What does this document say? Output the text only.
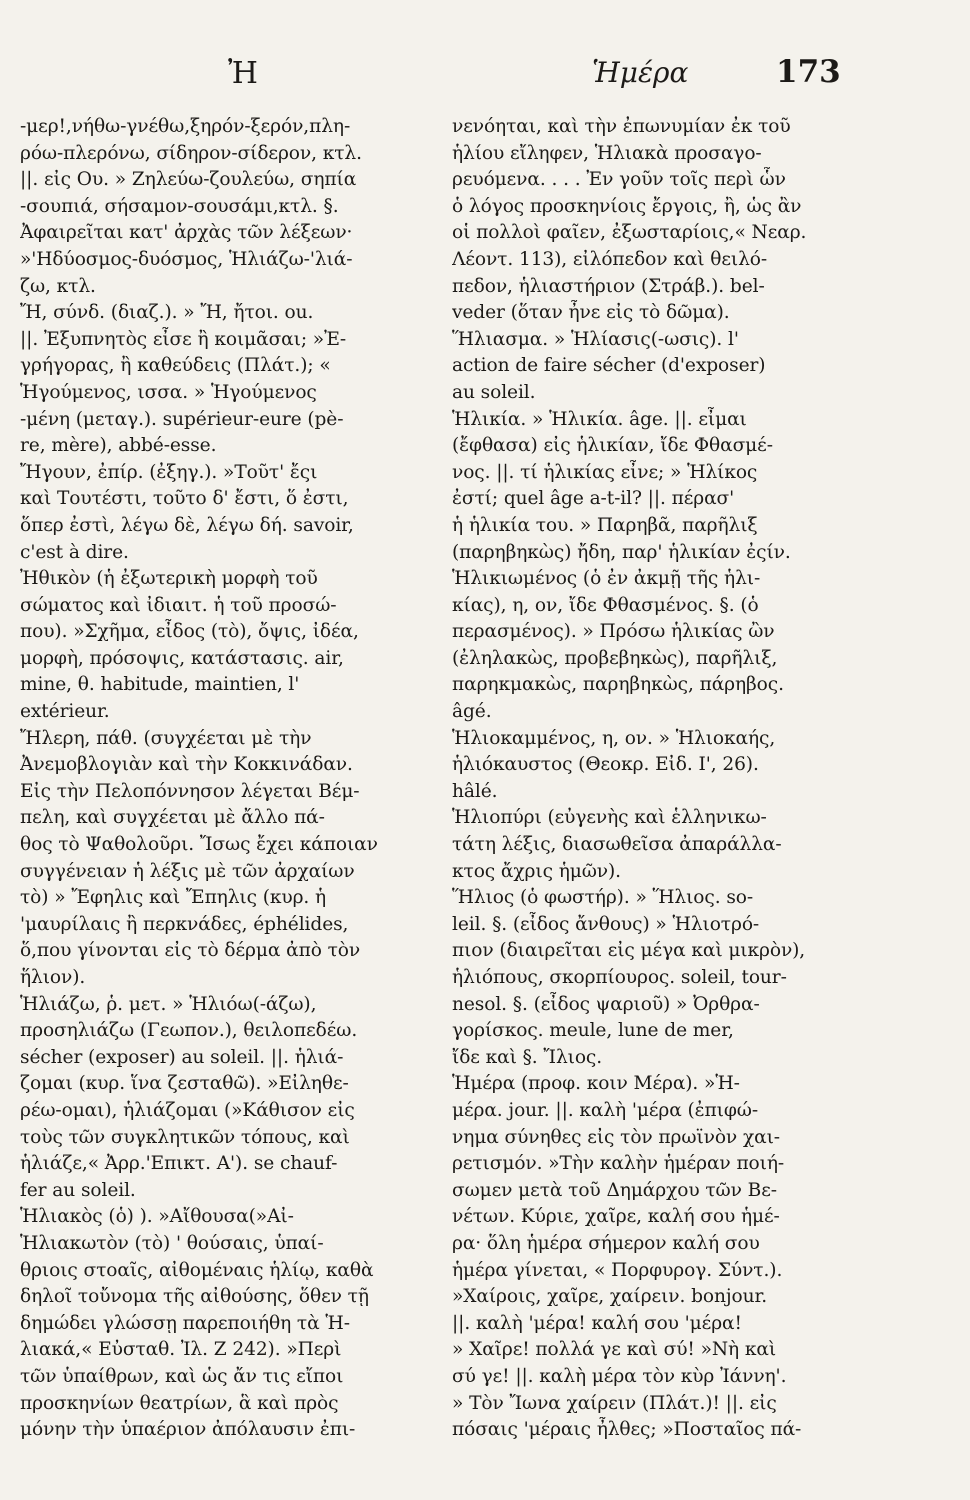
Ἠ	Ἡμέρα	173
-μερ!,νήθω-γνέθω,ξηρόν-ξερόν,πλη-
ρόω-πλερόνω, σίδηρον-σίδερον, κτλ.
||. εἰς Ου. » Ζηλεύω-ζουλεύω, σηπία
-σουπιά, σήσαμον-σουσάμι,κτλ. §.
Ἀφαιρεῖται κατ' ἀρχὰς τῶν λέξεων·
»'Ηδύοσμος-δυόσμος, Ἡλιάζω-'λιά-
ζω, κτλ.
Ἤ, σύνδ. (διαζ.). » Ἤ, ἤτοι. ou.
||. Ἐξυπνητὸς εἶσε ἢ κοιμᾶσαι; »Ἐ-
γρήγορας, ἢ καθεύδεις (Πλάτ.); «
Ἡγούμενος, ισσα. » Ἡγούμενος
-μένη (μεταγ.). supérieur-eure (pè-
re, mère), abbé-esse.
Ἤγουν, ἐπίρ. (ἐξηγ.). »Τοῦτ' ἔςι
καὶ Τουτέστι, τοῦτο δ' ἔστι, ὅ ἐστι,
ὅπερ ἐστὶ, λέγω δὲ, λέγω δή. savoir,
c'est à dire.
Ἠθικὸν (ἡ ἐξωτερικὴ μορφὴ τοῦ
σώματος καὶ ἰδιαιτ. ἡ τοῦ προσώ-
που). »Σχῆμα, εἶδος (τὸ), ὄψις, ἰδέα,
μορφὴ, πρόσοψις, κατάστασις. air,
mine, θ. habitude, maintien, l'
extérieur.
Ἤλερη, πάθ. (συγχέεται μὲ τὴν
Ἀνεμοβλογιὰν καὶ τὴν Κοκκινάδαν.
Εἰς τὴν Πελοπόννησον λέγεται Βέμ-
πελη, καὶ συγχέεται μὲ ἄλλο πά-
θος τὸ Ψαθολοῦρι. Ἴσως ἔχει κάποιαν
συγγένειαν ἡ λέξις μὲ τῶν ἀρχαίων
τὸ) » Ἔφηλις καὶ Ἔπηλις (κυρ. ἡ
'μαυρίλαις ἢ περκνάδες, éphélides,
ὅ,που γίνονται εἰς τὸ δέρμα ἀπὸ τὸν
ἥλιον).
Ἡλιάζω, ῥ. μετ. » Ἡλιόω(-άζω),
προσηλιάζω (Γεωπον.), θειλοπεδέω.
sécher (exposer) au soleil. ||. ἡλιά-
ζομαι (κυρ. ἵνα ζεσταθῶ). »Εἰληθε-
ρέω-ομαι), ἡλιάζομαι (»Κάθισον εἰς
τοὺς τῶν συγκλητικῶν τόπους, καὶ
ἡλιάζε,« Ἀρρ.'Επικτ. Α'). se chauf-
fer au soleil.
Ἡλιακὸς (ὁ) ). »Αἴθουσα(»Αἰ-
Ἡλιακωτὸν (τὸ) ' θούσαις, ὑπαί-
θριοις στοαῖς, αἰθομέναις ἡλίῳ, καθὰ
δηλοῖ τοὔνομα τῆς αἰθούσης, ὅθεν τῇ
δημώδει γλώσσῃ παρεποιήθη τὰ Ἡ-
λιακά,« Εὐσταθ. Ἰλ. Ζ 242). »Περὶ
τῶν ὑπαίθρων, καὶ ὡς ἄν τις εἴποι
προσκηνίων θεατρίων, ἃ καὶ πρὸς
μόνην τὴν ὑπαέριον ἀπόλαυσιν ἐπι-
νενόηται, καὶ τὴν ἐπωνυμίαν ἐκ τοῦ
ἡλίου εἴληφεν, Ἡλιακὰ προσαγο-
ρευόμενα. . . . Ἐν γοῦν τοῖς περὶ ὧν
ὁ λόγος προσκηνίοις ἔργοις, ἢ, ὡς ἂν
οἱ πολλοὶ φαῖεν, ἐξωσταρίοις,« Νεαρ.
Λέοντ. 113), εἰλόπεδον καὶ θειλό-
πεδον, ἡλιαστήριον (Στράβ.). bel-
veder (ὅταν ἦνε εἰς τὸ δῶμα).
Ἥλιασμα. » Ἡλίασις(-ωσις). l'
action de faire sécher (d'exposer)
au soleil.
Ἡλικία. » Ἡλικία. âge. ||. εἶμαι
(ἔφθασα) εἰς ἡλικίαν, ἴδε Φθασμέ-
νος. ||. τί ἡλικίας εἶνε; » Ἡλίκος
ἐστί; quel âge a-t-il? ||. πέρασ'
ἡ ἡλικία του. » Παρηβᾶ, παρῆλιξ
(παρηβηκὼς) ἤδη, παρ' ἡλικίαν ἐςίν.
Ἡλικιωμένος (ὁ ἐν ἀκμῇ τῆς ἡλι-
κίας), η, ον, ἴδε Φθασμένος. §. (ὁ
περασμένος). » Πρόσω ἡλικίας ὢν
(ἐληλακὼς, προβεβηκὼς), παρῆλιξ,
παρηκμακὼς, παρηβηκὼς, πάρηβος.
âgé.
Ἡλιοκαμμένος, η, ον. » Ἡλιοκαής,
ἡλιόκαυστος (Θεοκρ. Εἰδ. Ι', 26).
hâlé.
Ἡλιοπύρι (εὐγενὴς καὶ ἑλληνικω-
τάτη λέξις, διασωθεῖσα ἀπαράλλα-
κτος ἄχρις ἡμῶν).
Ἥλιος (ὁ φωστήρ). » Ἥλιος. so-
leil. §. (εἶδος ἄνθους) » Ἡλιοτρό-
πιον (διαιρεῖται εἰς μέγα καὶ μικρὸν),
ἡλιόπους, σκορπίουρος. soleil, tour-
nesol. §. (εἶδος ψαριοῦ) » Ὀρθρα-
γορίσκος. meule, lune de mer,
ἴδε καὶ §. Ἴλιος.
Ἡμέρα (προφ. κοιν Μέρα). »Ἡ-
μέρα. jour. ||. καλὴ 'μέρα (ἐπιφώ-
νημα σύνηθες εἰς τὸν πρωϊνὸν χαι-
ρετισμόν. »Τὴν καλὴν ἡμέραν ποιή-
σωμεν μετὰ τοῦ Δημάρχου τῶν Βε-
νέτων. Κύριε, χαῖρε, καλή σου ἡμέ-
ρα· ὅλη ἡμέρα σήμερον καλή σου
ἡμέρα γίνεται, « Πορφυρογ. Σύντ.).
»Χαίροις, χαῖρε, χαίρειν. bonjour.
||. καλὴ 'μέρα! καλή σου 'μέρα!
» Χαῖρε! πολλά γε καὶ σύ! »Νὴ καὶ
σύ γε! ||. καλὴ μέρα τὸν κὺρ Ἰάννη'.
» Τὸν Ἴωνα χαίρειν (Πλάτ.)! ||. εἰς
πόσαις 'μέραις ἦλθες; »Ποσταῖος πά-
